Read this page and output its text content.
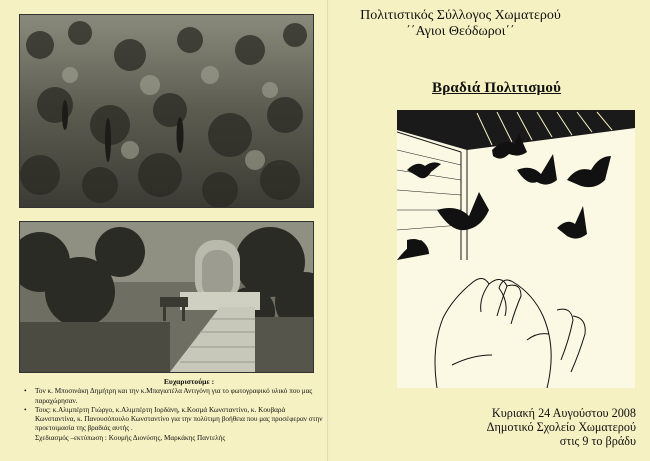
Ευχαριστούμε :
• Τον κ. Μποσινάκη Δημήτρη και την κ.Μπαγιατέλα Αντιγόνη για το φωτογραφικό υλικό που μας παραχώρησαν.
• Τους: κ.Αλιμπέρτη Γιώργο, κ.Αλιμπέρτη Ιορδάνη, κ.Κοσμά Κωνσταντίνο, κ. Κουβαρά Κωνσταντίνα, κ. Πανουσόπουλο Κωνσταντίνο για την πολύτιμη βοήθεια που μας προσέφεραν στην προετοιμασία της βραδιάς αυτής .
Σχεδιασμός –εκτύπωση : Κουμής Διονύσης, Μαρκάκης Παντελής
Πολιτιστικός Σύλλογος Χωματερού
΄΄Αγιοι Θεόδωροι΄΄
Βραδιά Πολιτισμού
Κυριακή 24 Αυγούστου 2008
Δημοτικό Σχολείο Χωματερού
στις 9 το βράδυ
